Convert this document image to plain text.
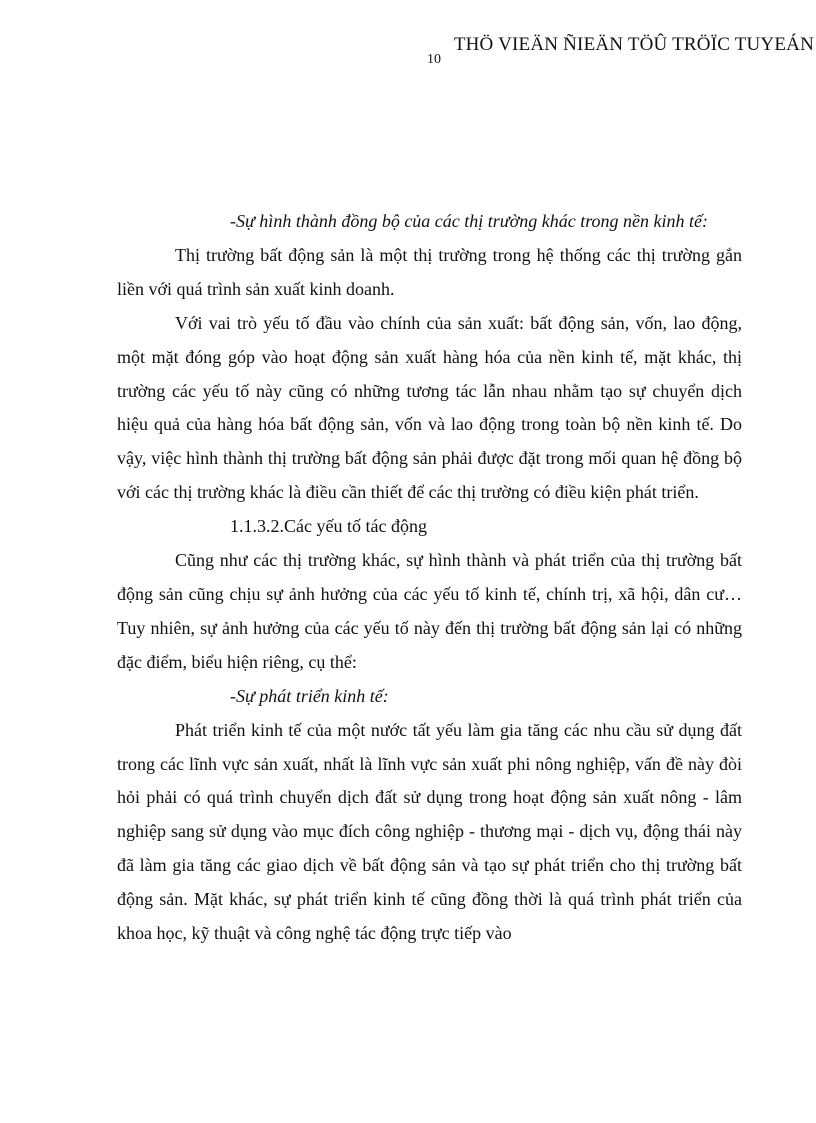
THÖ VIEÄN ÑIEÄN TÖÛ TRÖÏC TUYEÁN
10

-Sự hình thành đồng bộ của các thị trường khác trong nền kinh tế:

Thị trường bất động sản là một thị trường trong hệ thống các thị trường gắn liền với quá trình sản xuất kinh doanh.

Với vai trò yếu tố đầu vào chính của sản xuất: bất động sản, vốn, lao động, một mặt đóng góp vào hoạt động sản xuất hàng hóa của nền kinh tế, mặt khác, thị trường các yếu tố này cũng có những tương tác lẫn nhau nhằm tạo sự chuyển dịch hiệu quả của hàng hóa bất động sản, vốn và lao động trong toàn bộ nền kinh tế. Do vậy, việc hình thành thị trường bất động sản phải được đặt trong mối quan hệ đồng bộ với các thị trường khác là điều cần thiết để các thị trường có điều kiện phát triển.

1.1.3.2.Các yếu tố tác động

Cũng như các thị trường khác, sự hình thành và phát triển của thị trường bất động sản cũng chịu sự ảnh hưởng của các yếu tố kinh tế, chính trị, xã hội, dân cư…Tuy nhiên, sự ảnh hưởng của các yếu tố này đến thị trường bất động sản lại có những đặc điểm, biểu hiện riêng, cụ thể:

-Sự phát triển kinh tế:

Phát triển kinh tế của một nước tất yếu làm gia tăng các nhu cầu sử dụng đất trong các lĩnh vực sản xuất, nhất là lĩnh vực sản xuất phi nông nghiệp, vấn đề này đòi hỏi phải có quá trình chuyển dịch đất sử dụng trong hoạt động sản xuất nông - lâm nghiệp sang sử dụng vào mục đích công nghiệp - thương mại - dịch vụ, động thái này đã làm gia tăng các giao dịch về bất động sản và tạo sự phát triển cho thị trường bất động sản. Mặt khác, sự phát triển kinh tế cũng đồng thời là quá trình phát triển của khoa học, kỹ thuật và công nghệ tác động trực tiếp vào
